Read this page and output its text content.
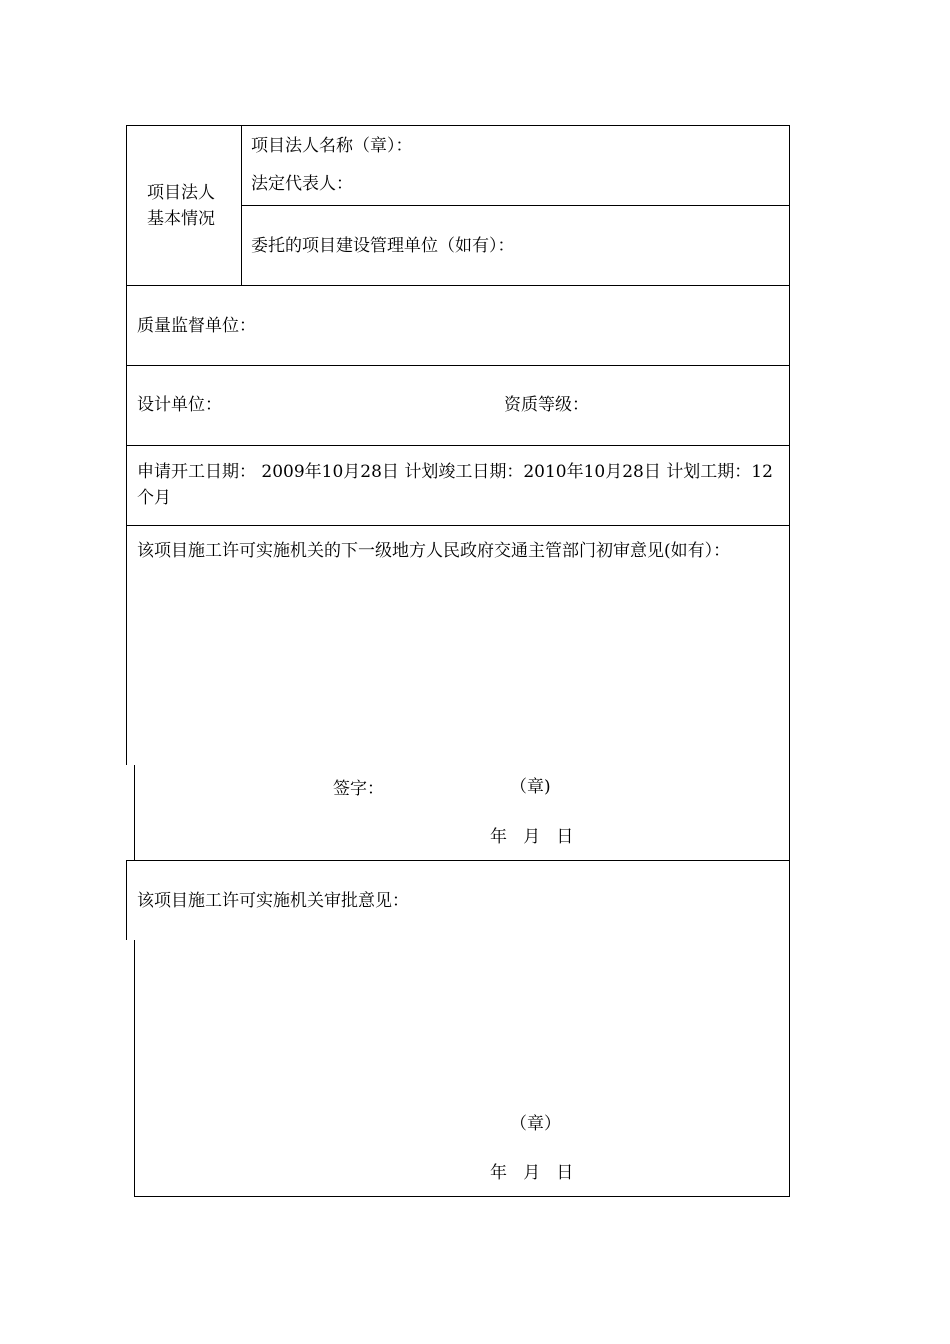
项目法人
基本情况
项目法人名称（章）：
法定代表人：
委托的项目建设管理单位（如有）：
质量监督单位：
设计单位：	资质等级：
申请开工日期： 2009年10月28日 计划竣工日期：2010年10月28日 计划工期：12个月
该项目施工许可实施机关的下一级地方人民政府交通主管部门初审意见(如有）：
签字：	（章)
年   月   日
该项目施工许可实施机关审批意见：
（章）
年   月   日
